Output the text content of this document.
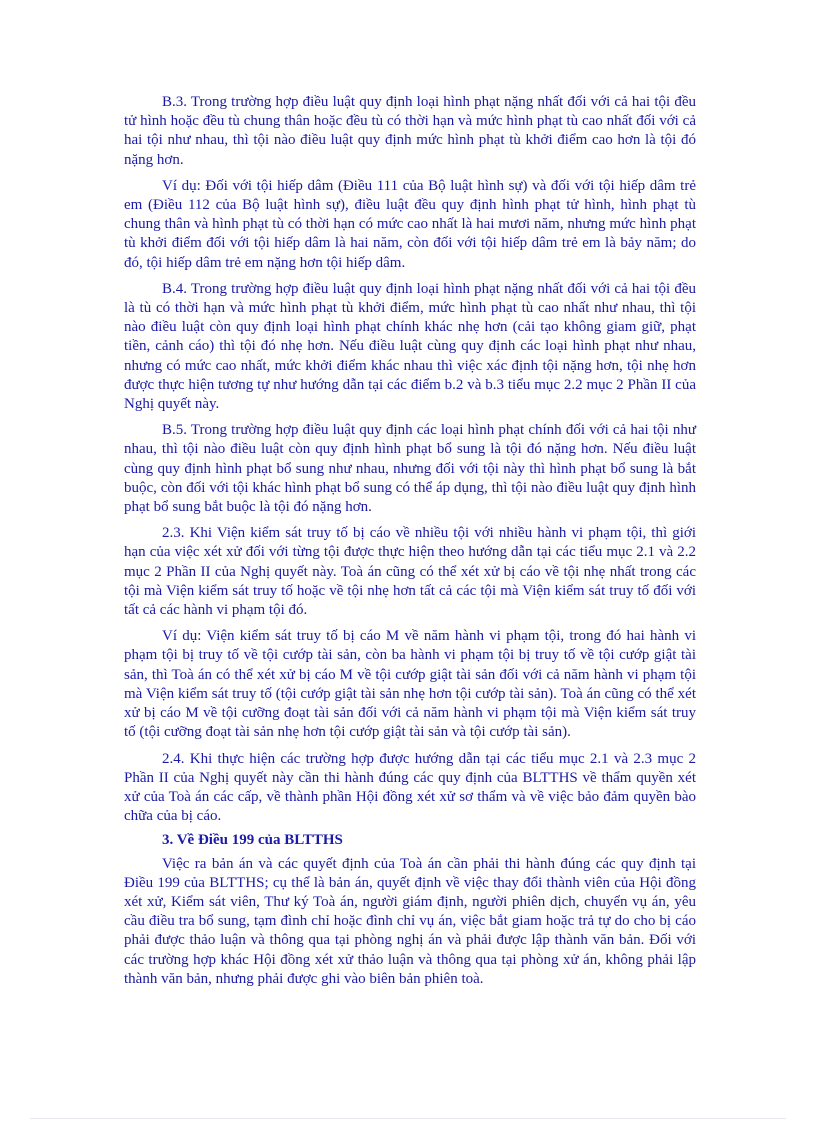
B.3. Trong trường hợp điều luật quy định loại hình phạt nặng nhất đối với cả hai tội đều tử hình hoặc đều tù chung thân hoặc đều tù có thời hạn và mức hình phạt tù cao nhất đối với cả hai tội như nhau, thì tội nào điều luật quy định mức hình phạt tù khởi điểm cao hơn là tội đó nặng hơn.

Ví dụ: Đối với tội hiếp dâm (Điều 111 của Bộ luật hình sự) và đối với tội hiếp dâm trẻ em (Điều 112 của Bộ luật hình sự), điều luật đều quy định hình phạt tử hình, hình phạt tù chung thân và hình phạt tù có thời hạn có mức cao nhất là hai mươi năm, nhưng mức hình phạt tù khởi điểm đối với tội hiếp dâm là hai năm, còn đối với tội hiếp dâm trẻ em là bảy năm; do đó, tội hiếp dâm trẻ em nặng hơn tội hiếp dâm.

B.4. Trong trường hợp điều luật quy định loại hình phạt nặng nhất đối với cả hai tội đều là tù có thời hạn và mức hình phạt tù khởi điểm, mức hình phạt tù cao nhất như nhau, thì tội nào điều luật còn quy định loại hình phạt chính khác nhẹ hơn (cải tạo không giam giữ, phạt tiền, cảnh cáo) thì tội đó nhẹ hơn. Nếu điều luật cùng quy định các loại hình phạt như nhau, nhưng có mức cao nhất, mức khởi điểm khác nhau thì việc xác định tội nặng hơn, tội nhẹ hơn được thực hiện tương tự như hướng dẫn tại các điểm b.2 và b.3 tiểu mục 2.2 mục 2 Phần II của Nghị quyết này.

B.5. Trong trường hợp điều luật quy định các loại hình phạt chính đối với cả hai tội như nhau, thì tội nào điều luật còn quy định hình phạt bổ sung là tội đó nặng hơn. Nếu điều luật cùng quy định hình phạt bổ sung như nhau, nhưng đối với tội này thì hình phạt bổ sung là bắt buộc, còn đối với tội khác hình phạt bổ sung có thể áp dụng, thì tội nào điều luật quy định hình phạt bổ sung bắt buộc là tội đó nặng hơn.

2.3. Khi Viện kiểm sát truy tố bị cáo về nhiều tội với nhiều hành vi phạm tội, thì giới hạn của việc xét xử đối với từng tội được thực hiện theo hướng dẫn tại các tiểu mục 2.1 và 2.2 mục 2 Phần II của Nghị quyết này. Toà án cũng có thể xét xử bị cáo về tội nhẹ nhất trong các tội mà Viện kiểm sát truy tố hoặc về tội nhẹ hơn tất cả các tội mà Viện kiểm sát truy tố đối với tất cả các hành vi phạm tội đó.

Ví dụ: Viện kiểm sát truy tố bị cáo M về năm hành vi phạm tội, trong đó hai hành vi phạm tội bị truy tố về tội cướp tài sản, còn ba hành vi phạm tội bị truy tố về tội cướp giật tài sản, thì Toà án có thể xét xử bị cáo M về tội cướp giật tài sản đối với cả năm hành vi phạm tội mà Viện kiểm sát truy tố (tội cướp giật tài sản nhẹ hơn tội cướp tài sản). Toà án cũng có thể xét xử bị cáo M về tội cưỡng đoạt tài sản đối với cả năm hành vi phạm tội mà Viện kiểm sát truy tố (tội cưỡng đoạt tài sản nhẹ hơn tội cướp giật tài sản và tội cướp tài sản).

2.4. Khi thực hiện các trường hợp được hướng dẫn tại các tiểu mục 2.1 và 2.3 mục 2 Phần II của Nghị quyết này cần thi hành đúng các quy định của BLTTHS về thẩm quyền xét xử của Toà án các cấp, về thành phần Hội đồng xét xử sơ thẩm và về việc bảo đảm quyền bào chữa của bị cáo.

3. Về Điều 199 của BLTTHS

Việc ra bản án và các quyết định của Toà án cần phải thi hành đúng các quy định tại Điều 199 của BLTTHS; cụ thể là bản án, quyết định về việc thay đổi thành viên của Hội đồng xét xử, Kiểm sát viên, Thư ký Toà án, người giám định, người phiên dịch, chuyển vụ án, yêu cầu điều tra bổ sung, tạm đình chỉ hoặc đình chỉ vụ án, việc bắt giam hoặc trả tự do cho bị cáo phải được thảo luận và thông qua tại phòng nghị án và phải được lập thành văn bản. Đối với các trường hợp khác Hội đồng xét xử thảo luận và thông qua tại phòng xử án, không phải lập thành văn bản, nhưng phải được ghi vào biên bản phiên toà.
